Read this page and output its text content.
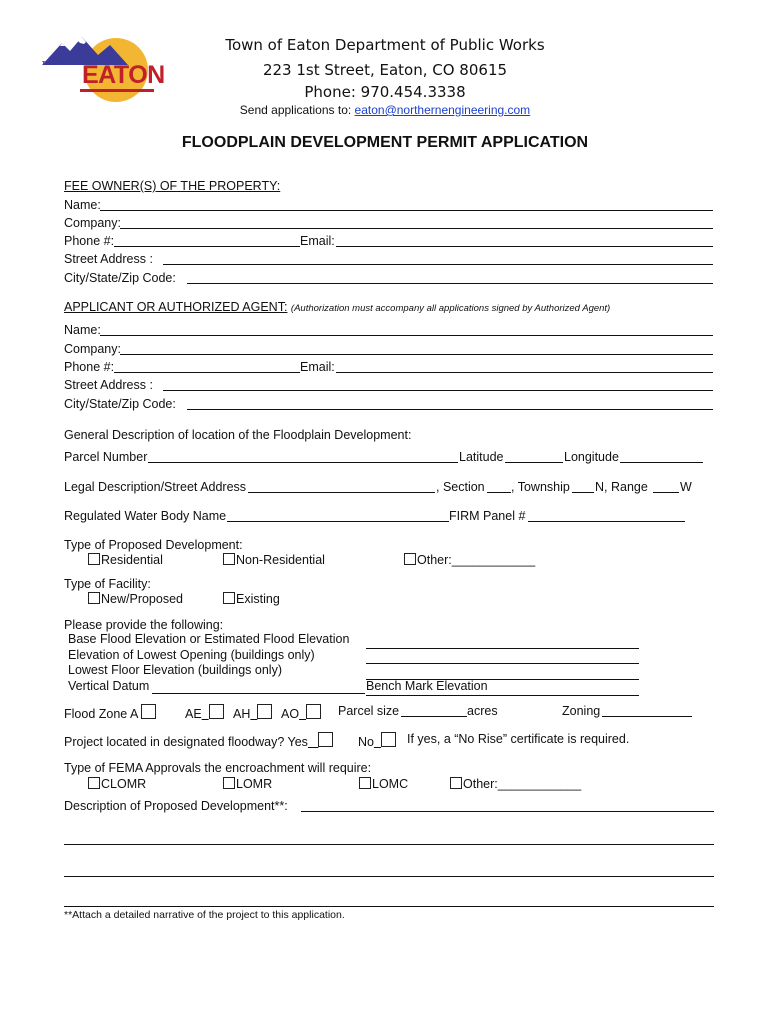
THE TOWN OF EATON
Town of Eaton Department of Public Works
223 1st Street, Eaton, CO 80615
Phone: 970.454.3338
Send applications to: eaton@northernengineering.com
FLOODPLAIN DEVELOPMENT PERMIT APPLICATION
FEE OWNER(S) OF THE PROPERTY:
Name:
Company:
Phone #:	Email:
Street Address :
City/State/Zip Code:
APPLICANT OR AUTHORIZED AGENT: (Authorization must accompany all applications signed by Authorized Agent)
Name:
Company:
Phone #:	Email:
Street Address :
City/State/Zip Code:
General Description of location of the Floodplain Development:
Parcel Number	Latitude	Longitude
Legal Description/Street Address	, Section , Township N, Range	W
Regulated Water Body Name	FIRM Panel #
Type of Proposed Development:
Residential	Non-Residential	Other:____________
Type of Facility:
New/Proposed	Existing
Please provide the following:
Base Flood Elevation or Estimated Flood Elevation
Elevation of Lowest Opening (buildings only)
Lowest Floor Elevation (buildings only)
Vertical Datum	Bench Mark Elevation
Flood Zone A	AE	AH	AO	Parcel size	acres	Zoning
Project located in designated floodway? Yes	No	If yes, a “No Rise” certificate is required.
Type of FEMA Approvals the encroachment will require:
CLOMR	LOMR	LOMC	Other:____________
Description of Proposed Development**:
**Attach a detailed narrative of the project to this application.
